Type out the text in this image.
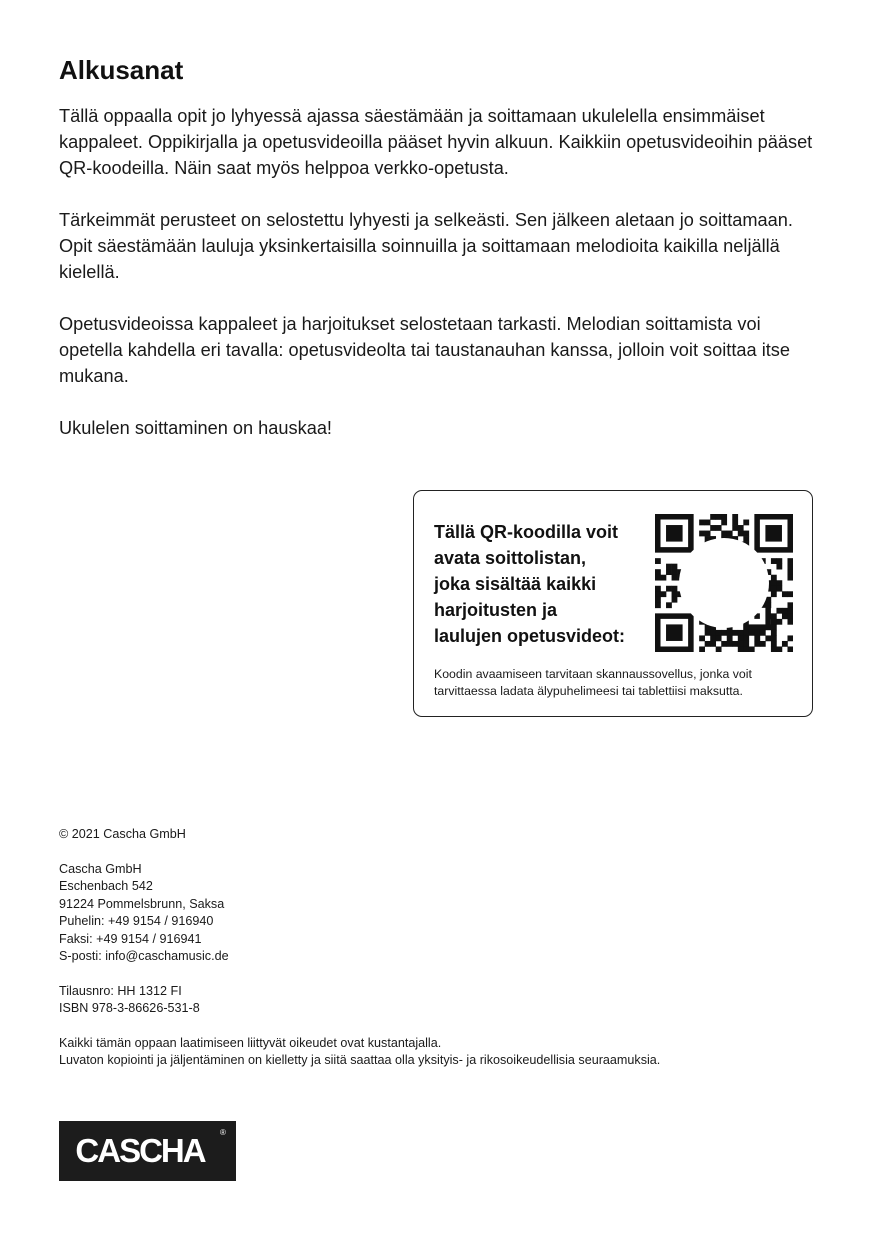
Alkusanat

Tällä oppaalla opit jo lyhyessä ajassa säestämään ja soittamaan ukulelella ensimmäiset kappaleet. Oppikirjalla ja opetusvideoilla pääset hyvin alkuun. Kaikkiin opetusvideoihin pääset QR-koodeilla. Näin saat myös helppoa verkko-opetusta.

Tärkeimmät perusteet on selostettu lyhyesti ja selkeästi. Sen jälkeen aletaan jo soittamaan. Opit säestämään lauluja yksinkertaisilla soinnuilla ja soittamaan melodioita kaikilla neljällä kielellä.

Opetusvideoissa kappaleet ja harjoitukset selostetaan tarkasti. Melodian soittamista voi opetella kahdella eri tavalla: opetusvideolta tai taustanauhan kanssa, jolloin voit soittaa itse mukana.

Ukulelen soittaminen on hauskaa!

Tällä QR-koodilla voit
avata soittolistan,
joka sisältää kaikki
harjoitusten ja
laulujen opetusvideot:

Koodin avaamiseen tarvitaan skannaussovellus, jonka voit
tarvittaessa ladata älypuhelimeesi tai tablettiisi maksutta.

© 2021 Cascha GmbH

Cascha GmbH
Eschenbach 542
91224 Pommelsbrunn, Saksa
Puhelin: +49 9154 / 916940
Faksi: +49 9154 / 916941
S-posti: info@caschamusic.de

Tilausnro: HH 1312 FI
ISBN 978-3-86626-531-8

Kaikki tämän oppaan laatimiseen liittyvät oikeudet ovat kustantajalla.
Luvaton kopiointi ja jäljentäminen on kielletty ja siitä saattaa olla yksityis- ja rikosoikeudellisia seuraamuksia.

CASCHA	®
